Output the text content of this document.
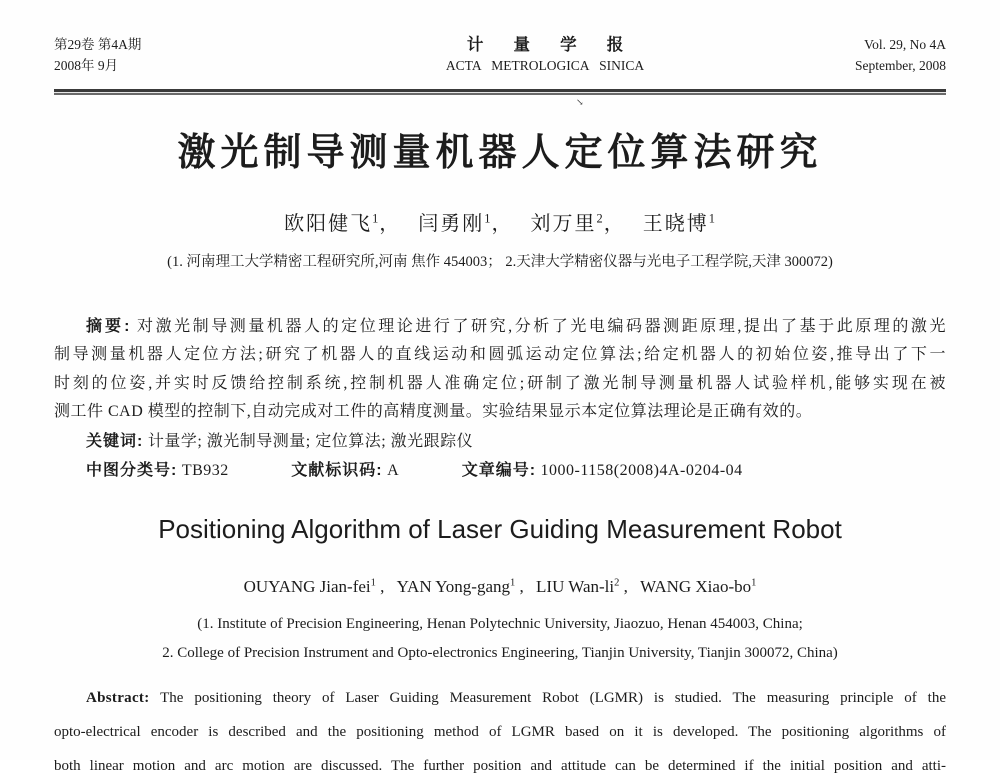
第29卷 第4A期
2008年 9月
计 量 学 报
ACTA METROLOGICA SINICA
Vol. 29, No 4A
September, 2008
↘
激光制导测量机器人定位算法研究
欧阳健飞$^1$， 闫勇刚$^1$， 刘万里$^2$， 王晓博$^1$
(1. 河南理工大学精密工程研究所,河南 焦作 454003； 2.天津大学精密仪器与光电子工程学院,天津 300072)
摘要: 对激光制导测量机器人的定位理论进行了研究,分析了光电编码器测距原理,提出了基于此原理的激光
制导测量机器人定位方法;研究了机器人的直线运动和圆弧运动定位算法;给定机器人的初始位姿,推导出了下一
时刻的位姿,并实时反馈给控制系统,控制机器人准确定位;研制了激光制导测量机器人试验样机,能够实现在被
测工件 CAD 模型的控制下,自动完成对工件的高精度测量。实验结果显示本定位算法理论是正确有效的。
关键词: 计量学; 激光制导测量; 定位算法; 激光跟踪仪
中图分类号: TB932	文献标识码: A	文章编号: 1000-1158(2008)4A-0204-04
Positioning Algorithm of Laser Guiding Measurement Robot
OUYANG Jian-fei$^1$ , YAN Yong-gang$^1$ , LIU Wan-$li^2$ , WANG Xiao-$bo^1$
(1. Institute of Precision Engineering, Henan Polytechnic University, Jiaozuo, Henan 454003, China;
2. College of Precision Instrument and Opto-electronics Engineering, Tianjin University, Tianjin 300072, China)
Abstract: The positioning theory of Laser Guiding Measurement Robot (LGMR) is studied. The measuring principle of the
opto-electrical encoder is described and the positioning method of LGMR based on it is developed. The positioning algorithms of
both linear motion and arc motion are discussed. The further position and attitude can be determined if the initial position and atti-
